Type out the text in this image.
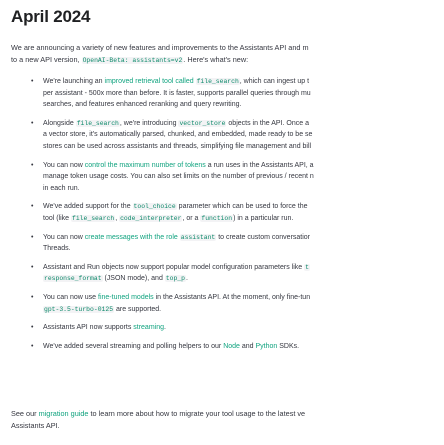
April 2024
We are announcing a variety of new features and improvements to the Assistants API and m
to a new API version, OpenAI-Beta: assistants=v2. Here's what's new:
• We're launching an improved retrieval tool called file_search, which can ingest up t
per assistant - 500x more than before. It is faster, supports parallel queries through mu
searches, and features enhanced reranking and query rewriting.
• Alongside file_search, we're introducing vector_store objects in the API. Once a
a vector store, it's automatically parsed, chunked, and embedded, made ready to be se
stores can be used across assistants and threads, simplifying file management and bill
• You can now control the maximum number of tokens a run uses in the Assistants API, a
manage token usage costs. You can also set limits on the number of previous / recent n
in each run.
• We've added support for the tool_choice parameter which can be used to force the
tool (like file_search, code_interpreter, or a function) in a particular run.
• You can now create messages with the role assistant to create custom conversatior
Threads.
• Assistant and Run objects now support popular model configuration parameters like t
response_format (JSON mode), and top_p.
• You can now use fine-tuned models in the Assistants API. At the moment, only fine-tun
gpt-3.5-turbo-0125 are supported.
• Assistants API now supports streaming.
• We've added several streaming and polling helpers to our Node and Python SDKs.
See our migration guide to learn more about how to migrate your tool usage to the latest ve
Assistants API.
